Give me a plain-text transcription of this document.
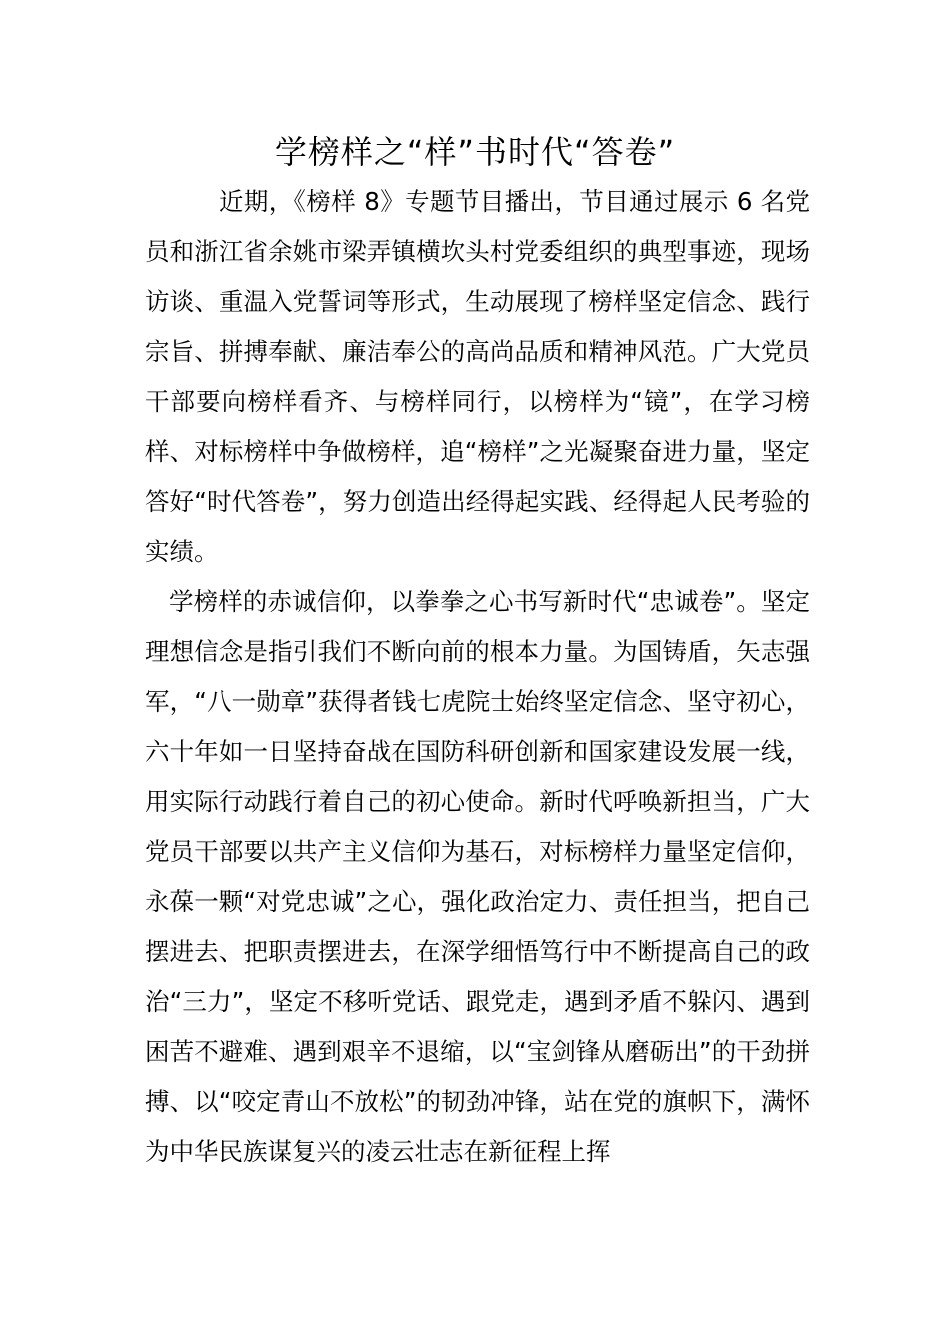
学榜样之“样”书时代“答卷”

近期，《榜样 8》专题节目播出，节目通过展示 6 名党员和浙江省余姚市梁弄镇横坎头村党委组织的典型事迹，现场访谈、重温入党誓词等形式，生动展现了榜样坚定信念、践行宗旨、拼搏奉献、廉洁奉公的高尚品质和精神风范。广大党员干部要向榜样看齐、与榜样同行，以榜样为“镜”，在学习榜样、对标榜样中争做榜样，追“榜样”之光凝聚奋进力量，坚定答好“时代答卷”，努力创造出经得起实践、经得起人民考验的实绩。

学榜样的赤诚信仰，以拳拳之心书写新时代“忠诚卷”。坚定理想信念是指引我们不断向前的根本力量。为国铸盾，矢志强军，“八一勋章”获得者钱七虎院士始终坚定信念、坚守初心，六十年如一日坚持奋战在国防科研创新和国家建设发展一线，用实际行动践行着自己的初心使命。新时代呼唤新担当，广大党员干部要以共产主义信仰为基石，对标榜样力量坚定信仰，永葆一颗“对党忠诚”之心，强化政治定力、责任担当，把自己摆进去、把职责摆进去，在深学细悟笃行中不断提高自己的政治“三力”，坚定不移听党话、跟党走，遇到矛盾不躲闪、遇到困苦不避难、遇到艰辛不退缩，以“宝剑锋从磨砺出”的干劲拼搏、以“咬定青山不放松”的韧劲冲锋，站在党的旗帜下，满怀为中华民族谋复兴的凌云壮志在新征程上挥
